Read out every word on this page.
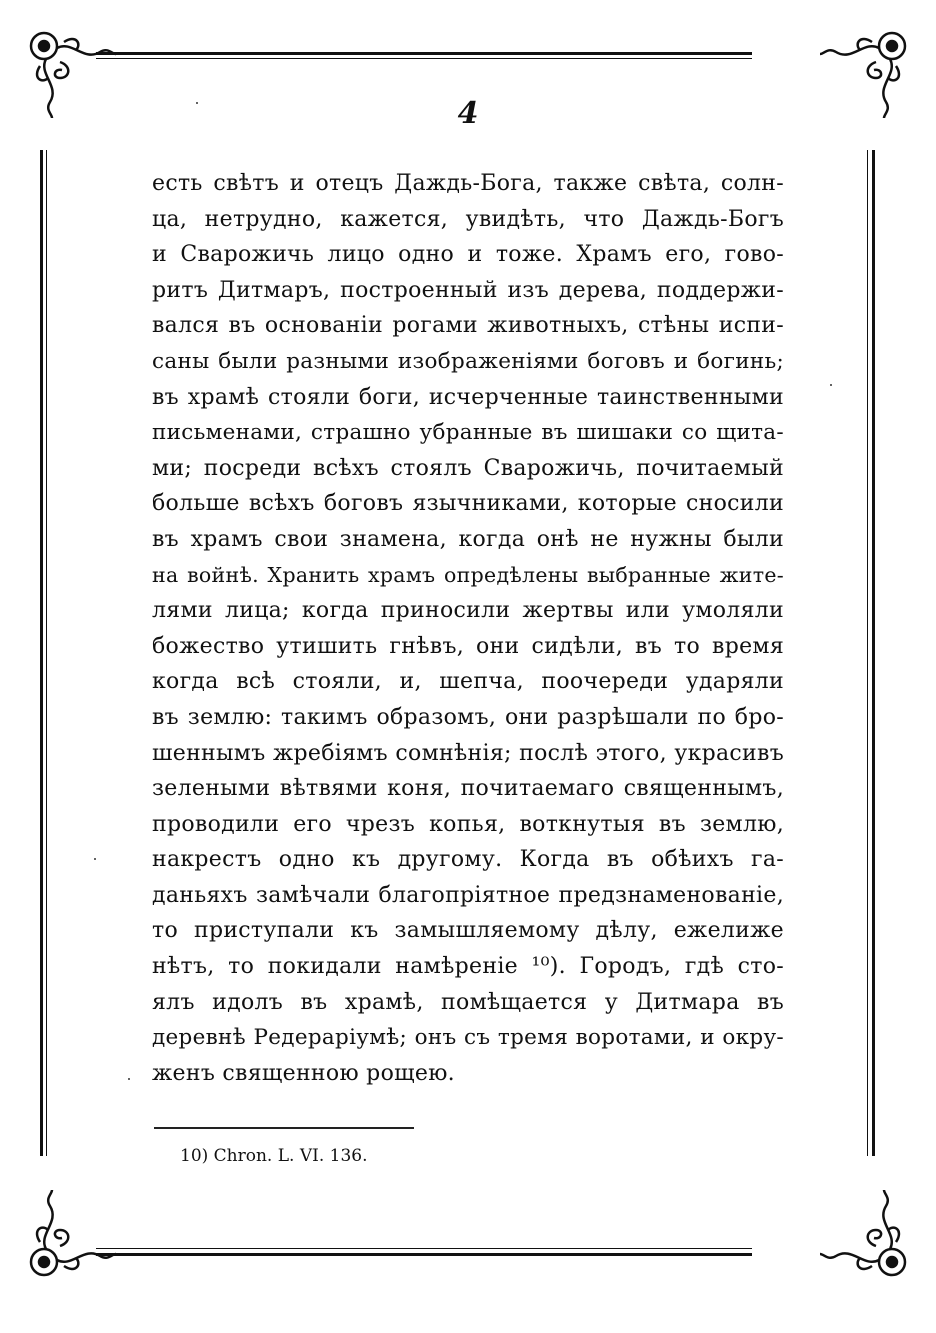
4
есть свѣтъ и отецъ Даждь-Бога, также свѣта, солн-
ца, нетрудно, кажется, увидѣть, что Даждь-Богъ
и Сварожичь лицо одно и тоже. Храмъ его, гово-
ритъ Дитмаръ, построенный изъ дерева, поддержи-
вался въ основаніи рогами животныхъ, стѣны испи-
саны были разными изображеніями боговъ и богинь;
въ храмѣ стояли боги, исчерченные таинственными
письменами, страшно убранные въ шишаки со щита-
ми; посреди всѣхъ стоялъ Сварожичь, почитаемый
больше всѣхъ боговъ язычниками, которые сносили
въ храмъ свои знамена, когда онѣ не нужны были
на войнѣ. Хранить храмъ опредѣлены выбранные жите-
лями лица; когда приносили жертвы или умоляли
божество утишить гнѣвъ, они сидѣли, въ то время
когда всѣ стояли, и, шепча, поочереди ударяли
въ землю: такимъ образомъ, они разрѣшали по бро-
шеннымъ жребіямъ сомнѣнія; послѣ этого, украсивъ
зелеными вѣтвями коня, почитаемаго священнымъ,
проводили его чрезъ копья, воткнутыя въ землю,
накрестъ одно къ другому. Когда въ обѣихъ га-
даньяхъ замѣчали благопріятное предзнаменованіе,
то приступали къ замышляемому дѣлу, ежелиже
нѣтъ, то покидали намѣреніе ¹⁰). Городъ, гдѣ сто-
ялъ идолъ въ храмѣ, помѣщается у Дитмара въ
деревнѣ Редераріумѣ; онъ съ тремя воротами, и окру-
женъ священною рощею.
10) Chron. L. VI. 136.
